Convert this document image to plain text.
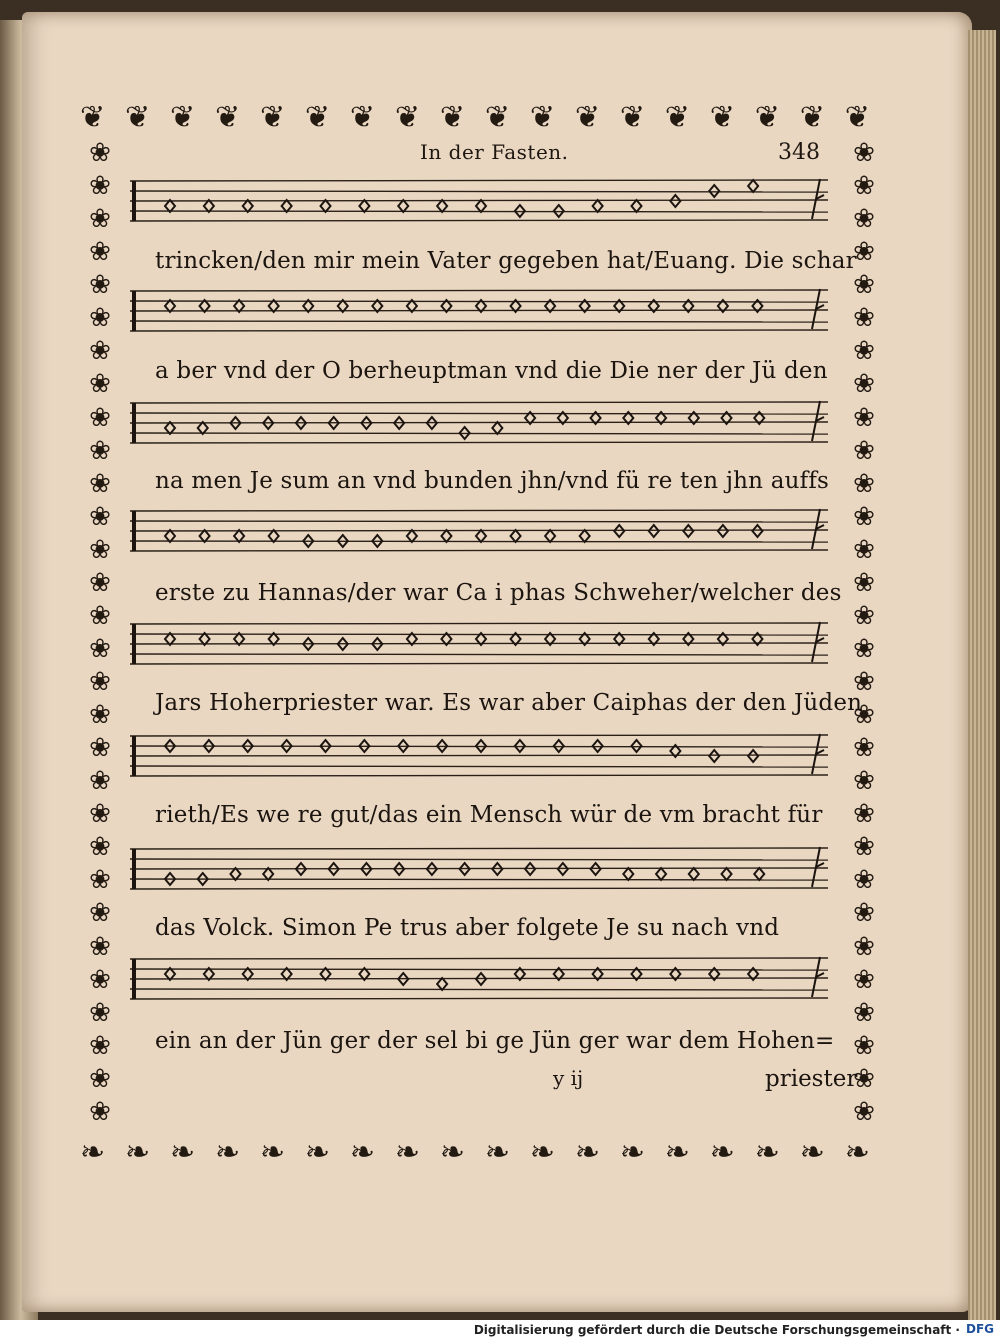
❦ ❦ ❦ ❦ ❦ ❦ ❦ ❦ ❦ ❦ ❦ ❦ ❦ ❦ ❦ ❦ ❦ ❦
❧ ❧ ❧ ❧ ❧ ❧ ❧ ❧ ❧ ❧ ❧ ❧ ❧ ❧ ❧ ❧ ❧ ❧
❀
❀
❀
❀
❀
❀
❀
❀
❀
❀
❀
❀
❀
❀
❀
❀
❀
❀
❀
❀
❀
❀
❀
❀
❀
❀
❀
❀
❀
❀
❀
❀
❀
❀
❀
❀
❀
❀
❀
❀
❀
❀
❀
❀
❀
❀
❀
❀
❀
❀
❀
❀
❀
❀
❀
❀
❀
❀
❀
❀
In der Fasten.	348
trincken/den mir mein Vater gegeben hat/Euang. Die schar
a ber vnd der O berheuptman vnd die Die ner der Jü den
na men Je sum an vnd bunden jhn/vnd fü re ten jhn auffs
erste zu Hannas/der war Ca i phas Schweher/welcher des
Jars Hoherpriester war. Es war aber Caiphas der den Jüden
rieth/Es we re gut/das ein Mensch wür de vm bracht für
das Volck. Simon Pe trus aber folgete Je su nach vnd
ein an der Jün ger der sel bi ge Jün ger war dem Hohen=
y ij	priester
Digitalisierung gefördert durch die Deutsche Forschungsgemeinschaft · DFG
